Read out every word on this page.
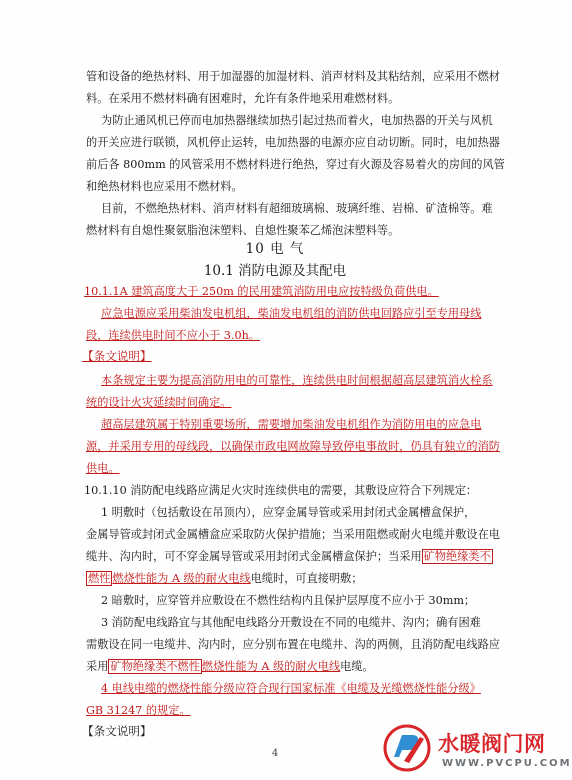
管和设备的绝热材料、用于加湿器的加湿材料、消声材料及其粘结剂，应采用不燃材
料。在采用不燃材料确有困难时，允许有条件地采用难燃材料。
为防止通风机已停而电加热器继续加热引起过热而着火，电加热器的开关与风机
的开关应进行联锁，风机停止运转，电加热器的电源亦应自动切断。同时，电加热器
前后各 800mm 的风管采用不燃材料进行绝热，穿过有火源及容易着火的房间的风管
和绝热材料也应采用不燃材料。
目前，不燃绝热材料、消声材料有超细玻璃棉、玻璃纤维、岩棉、矿渣棉等。难
燃材料有自熄性聚氨脂泡沫塑料、自熄性聚苯乙烯泡沫塑料等。
10 电 气
10.1 消防电源及其配电
10.1.1A 建筑高度大于 250m 的民用建筑消防用电应按特级负荷供电。
应急电源应采用柴油发电机组，柴油发电机组的消防供电回路应引至专用母线
段，连续供电时间不应小于 3.0h。
【条文说明】
本条规定主要为提高消防用电的可靠性，连续供电时间根据超高层建筑消火栓系
统的设计火灾延续时间确定。
超高层建筑属于特别重要场所，需要增加柴油发电机组作为消防用电的应急电
源，并采用专用的母线段，以确保市政电网故障导致停电事故时，仍具有独立的消防
供电。
10.1.10 消防配电线路应满足火灾时连续供电的需要，其敷设应符合下列规定：
1 明敷时（包括敷设在吊顶内），应穿金属导管或采用封闭式金属槽盒保护，
金属导管或封闭式金属槽盒应采取防火保护措施；当采用阻燃或耐火电缆并敷设在电
缆井、沟内时，可不穿金属导管或采用封闭式金属槽盒保护；当采用 矿物绝缘类不
燃性 燃烧性能为 A 级的耐火电线电缆时，可直接明敷；
2 暗敷时，应穿管并应敷设在不燃性结构内且保护层厚度不应小于 30mm；
3 消防配电线路宜与其他配电线路分开敷设在不同的电缆井、沟内；确有困难
需敷设在同一电缆井、沟内时，应分别布置在电缆井、沟的两侧，且消防配电线路应
采用 矿物绝缘类不燃性 燃烧性能为 A 级的耐火电线电缆。
4 电线电缆的燃烧性能分级应符合现行国家标准《电缆及光缆燃烧性能分级》
GB 31247 的规定。
【条文说明】
4	水暖阀门网
WWW.PVCPU.COM
